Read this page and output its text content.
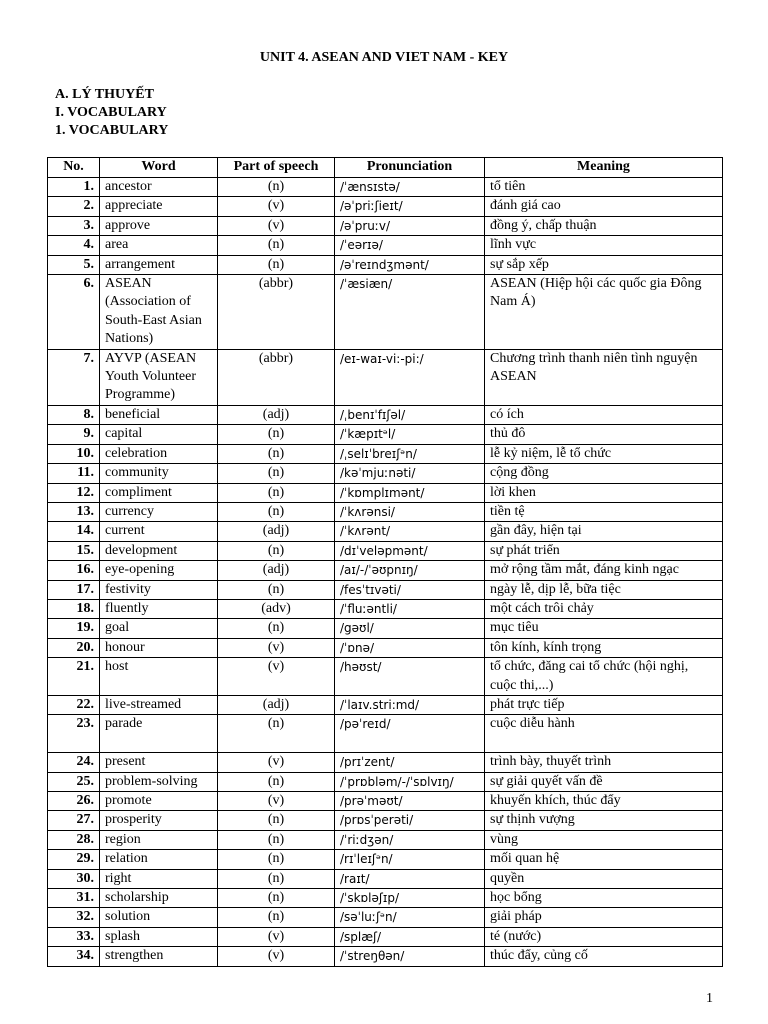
UNIT 4. ASEAN AND VIET NAM - KEY
A. LÝ THUYẾT
I. VOCABULARY
1. VOCABULARY
No.	Word	Part of speech	Pronunciation	Meaning
1.	ancestor	(n)	/ˈænsɪstə/	tổ tiên
2.	appreciate	(v)	/əˈpriːʃieɪt/	đánh giá cao
3.	approve	(v)	/əˈpruːv/	đồng ý, chấp thuận
4.	area	(n)	/ˈeərɪə/	lĩnh vực
5.	arrangement	(n)	/əˈreɪndʒmənt/	sự sắp xếp
6.	ASEAN (Association of South-East Asian Nations)	(abbr)	/ˈæsiæn/	ASEAN (Hiệp hội các quốc gia Đông Nam Á)
7.	AYVP (ASEAN Youth Volunteer Programme)	(abbr)	/eɪ-waɪ-vi:-pi:/	Chương trình thanh niên tình nguyện ASEAN
8.	beneficial	(adj)	/ˌbenɪˈfɪʃəl/	có ích
9.	capital	(n)	/ˈkæpɪtᵊl/	thủ đô
10.	celebration	(n)	/ˌselɪˈbreɪʃᵊn/	lễ kỷ niệm, lễ tổ chức
11.	community	(n)	/kəˈmjuːnəti/	cộng đồng
12.	compliment	(n)	/ˈkɒmplɪmənt/	lời khen
13.	currency	(n)	/ˈkʌrənsi/	tiền tệ
14.	current	(adj)	/ˈkʌrənt/	gần đây, hiện tại
15.	development	(n)	/dɪˈveləpmənt/	sự phát triển
16.	eye-opening	(adj)	/aɪ/-/ˈəʊpnɪŋ/	mở rộng tầm mắt, đáng kinh ngạc
17.	festivity	(n)	/fesˈtɪvəti/	ngày lễ, dịp lễ, bữa tiệc
18.	fluently	(adv)	/ˈfluːəntli/	một cách trôi chảy
19.	goal	(n)	/gəʊl/	mục tiêu
20.	honour	(v)	/ˈɒnə/	tôn kính, kính trọng
21.	host	(v)	/həʊst/	tổ chức, đăng cai tổ chức (hội nghị, cuộc thi,...)
22.	live-streamed	(adj)	/ˈlaɪv.stri:md/	phát trực tiếp
23.	parade	(n)	/pəˈreɪd/	cuộc diễu hành
24.	present	(v)	/prɪˈzent/	trình bày, thuyết trình
25.	problem-solving	(n)	/ˈprɒbləm/-/ˈsɒlvɪŋ/	sự giải quyết vấn đề
26.	promote	(v)	/prəˈməʊt/	khuyến khích, thúc đẩy
27.	prosperity	(n)	/prɒsˈperəti/	sự thịnh vượng
28.	region	(n)	/ˈriːdʒən/	vùng
29.	relation	(n)	/rɪˈleɪʃᵊn/	mối quan hệ
30.	right	(n)	/raɪt/	quyền
31.	scholarship	(n)	/ˈskɒləʃɪp/	học bổng
32.	solution	(n)	/səˈluːʃᵊn/	giải pháp
33.	splash	(v)	/splæʃ/	té (nước)
34.	strengthen	(v)	/ˈstreŋθən/	thúc đẩy, củng cố
1
